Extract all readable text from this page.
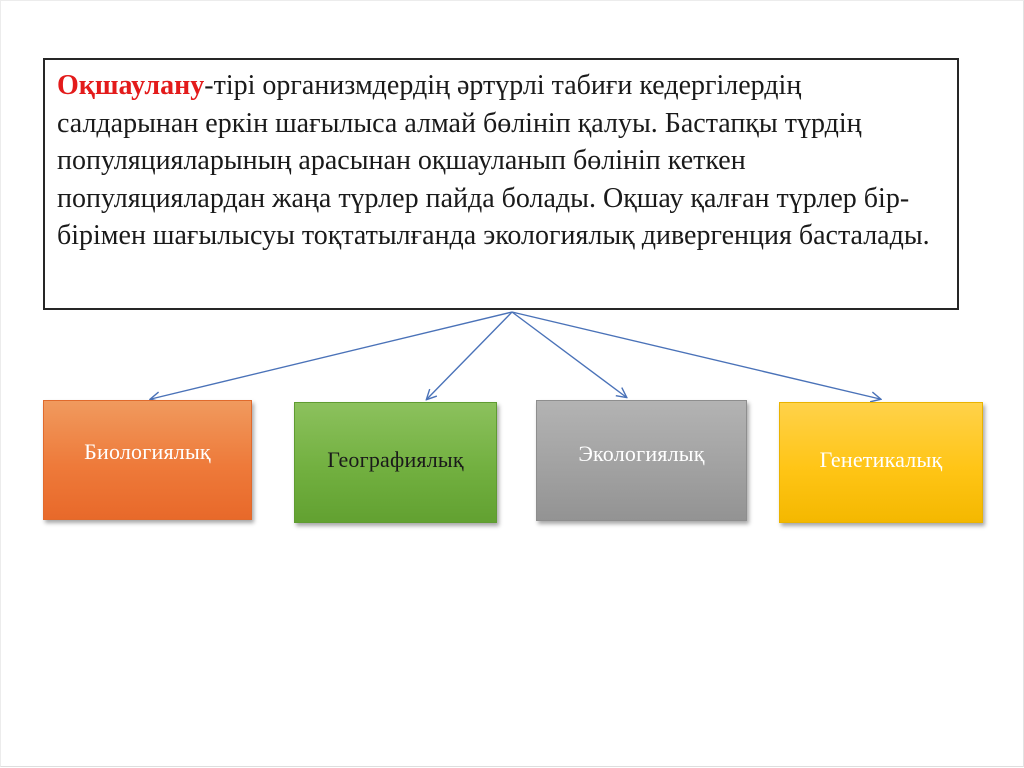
Оқшаулану-тірі организмдердің әртүрлі табиғи кедергілердің салдарынан еркін шағылыса алмай бөлініп қалуы. Бастапқы түрдің популяцияларының арасынан оқшауланып бөлініп кеткен популяциялардан жаңа түрлер пайда болады. Оқшау қалған түрлер бір-бірімен шағылысуы тоқтатылғанда экологиялық дивергенция басталады.
Биологиялық	Географиялық	Экологиялық	Генетикалық
